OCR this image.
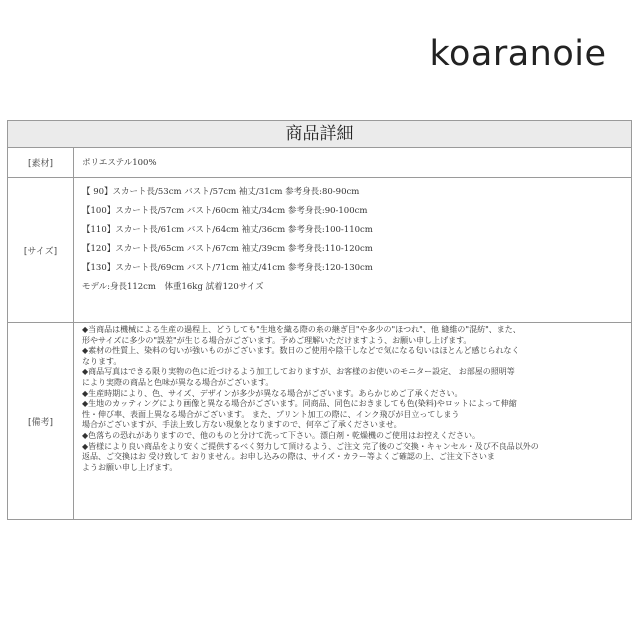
koaranoie
商品詳細
[素材]	ポリエステル100%
[サイズ]
【 90】スカート長/53cm バスト/57cm 袖丈/31cm 参考身長:80-90cm
【100】スカート長/57cm バスト/60cm 袖丈/34cm 参考身長:90-100cm
【110】スカート長/61cm バスト/64cm 袖丈/36cm 参考身長:100-110cm
【120】スカート長/65cm バスト/67cm 袖丈/39cm 参考身長:110-120cm
【130】スカート長/69cm バスト/71cm 袖丈/41cm 参考身長:120-130cm
モデル:身長112cm　体重16kg 試着120サイズ
[備考]
◆当商品は機械による生産の過程上、どうしても"生地を織る際の糸の継ぎ目"や多少の"ほつれ"、他 縫維の"混紡"、また、
形やサイズに多少の"誤差"が生じる場合がございます。予めご理解いただけますよう、お願い申し上げます。
◆素材の性質上、染料の匂いが強いものがございます。数日のご使用や陰干しなどで気になる匂いはほとんど感じられなく
なります。
◆商品写真はできる限り実物の色に近づけるよう加工しておりますが、お客様のお使いのモニター設定、 お部屋の照明等
により実際の商品と色味が異なる場合がございます。
◆生産時期により、色、サイズ、デザインが多少が異なる場合がございます。あらかじめご了承ください。
◆生地のカッティングにより画像と異なる場合がございます。同商品、同色におきましても色(染料)やロットによって伸縮
性・伸び率、表面上異なる場合がございます。 また、プリント加工の際に、インク飛びが目立ってしまう
場合がございますが、手法上致し方ない現象となりますので、何卒ご了承くださいませ。
◆色落ちの恐れがありますので、他のものと分けて洗って下さい。漂白剤・乾燥機のご使用はお控えください。
◆皆様により良い商品をより安くご提供するべく努力して頂けるよう、ご注文 完了後のご交換・キャンセル・及び不良品以外の
返品、ご交換はお 受け致して おりません。お申し込みの際は、サイズ・カラー等よくご確認の上、ご注文下さいま
ようお願い申し上げます。
